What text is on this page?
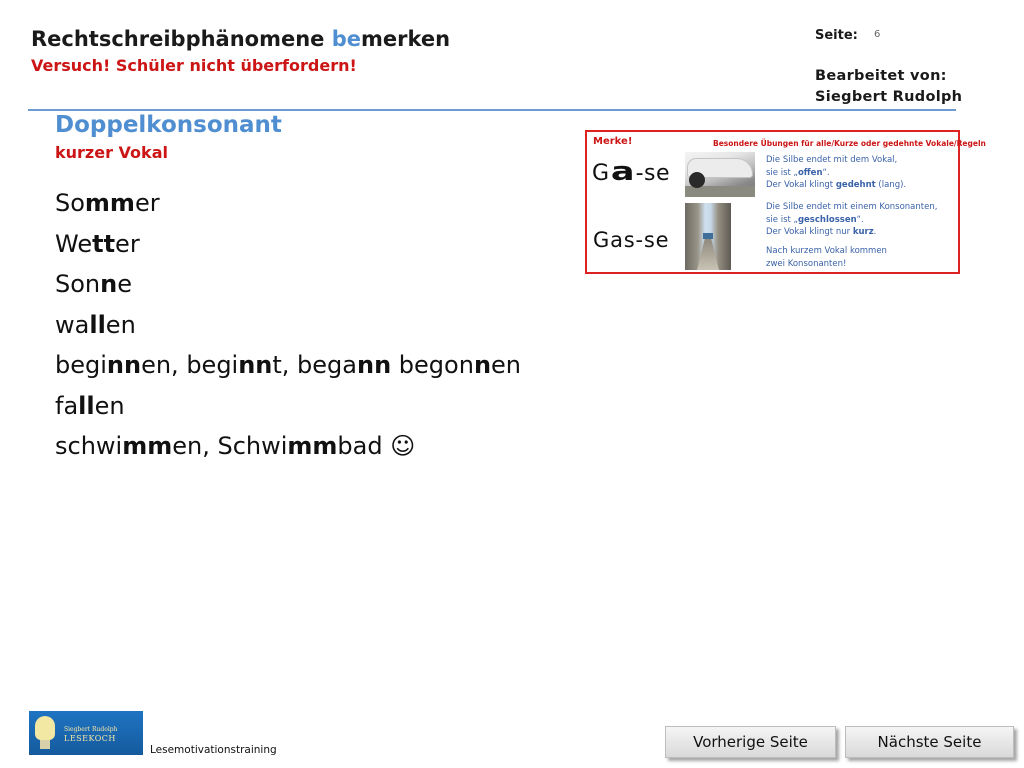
Rechtschreibphänomene bemerken
Versuch! Schüler nicht überfordern!
Seite: 6
Bearbeitet von:
Siegbert Rudolph
Doppelkonsonant
kurzer Vokal
Sommer
Wetter
Sonne
wallen
beginnen, beginnt, begann begonnen
fallen
schwimmen, Schwimmbad ☺
Merke!	Besondere Übungen für alle/Kurze oder gedehnte Vokale/Regeln
Ga-se
Gas-se
Die Silbe endet mit dem Vokal,
sie ist „offen“.
Der Vokal klingt gedehnt (lang).
Die Silbe endet mit einem Konsonanten,
sie ist „geschlossen“.
Der Vokal klingt nur kurz.
Nach kurzem Vokal kommen
zwei Konsonanten!
Siegbert Rudolph
LESEKOCH
Lesemotivationstraining	Vorherige Seite	Nächste Seite
